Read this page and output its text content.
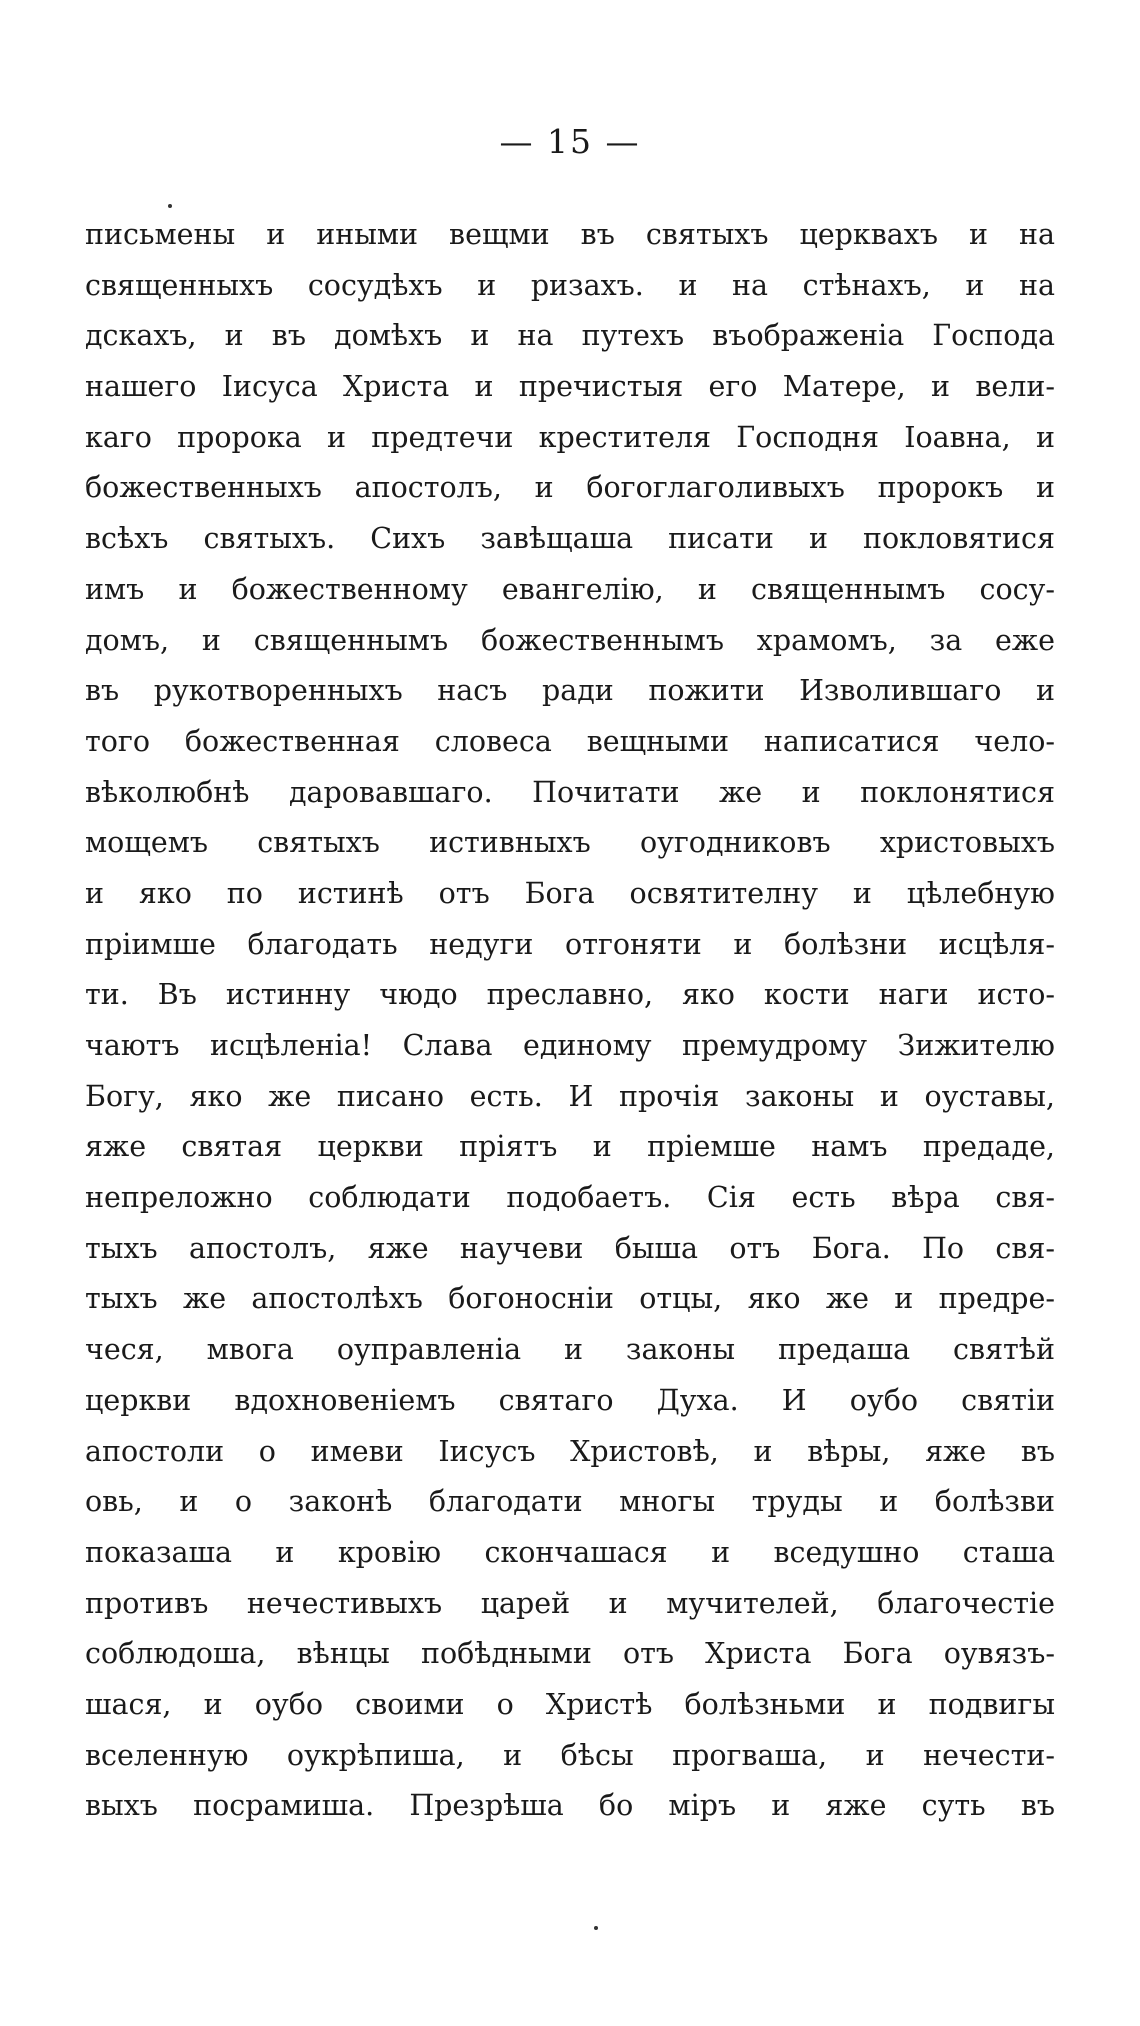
— 15 —
письмены и иными вещми въ святыхъ церквахъ и на
священныхъ сосудѣхъ и ризахъ. и на стѣнахъ, и на
дскахъ, и въ домѣхъ и на путехъ въображеніа Господа
нашего Іисуса Христа и пречистыя его Матере, и вели-
каго пророка и предтечи крестителя Господня Іоавна, и
божественныхъ апостолъ, и богоглаголивыхъ пророкъ и
всѣхъ святыхъ. Сихъ завѣщаша писати и покловятися
имъ и божественному евангелію, и священнымъ сосу-
домъ, и священнымъ божественнымъ храмомъ, за еже
въ рукотворенныхъ насъ ради пожити Изволившаго и
того божественная словеса вещными написатися чело-
вѣколюбнѣ даровавшаго. Почитати же и поклонятися
мощемъ святыхъ истивныхъ оугодниковъ христовыхъ
и яко по истинѣ отъ Бога освятителну и цѣлебную
пріимше благодать недуги отгоняти и болѣзни исцѣля-
ти. Въ истинну чюдо преславно, яко кости наги исто-
чаютъ исцѣленіа! Слава единому премудрому Зижителю
Богу, яко же писано есть. И прочія законы и оуставы,
яже святая церкви пріятъ и пріемше намъ предаде,
непреложно соблюдати подобаетъ. Сія есть вѣра свя-
тыхъ апостолъ, яже научеви быша отъ Бога. По свя-
тыхъ же апостолѣхъ богоносніи отцы, яко же и предре-
чеся, мвога оуправленіа и законы предаша святѣй
церкви вдохновеніемъ святаго Духа. И оубо святіи
апостоли о имеви Іисусъ Христовѣ, и вѣры, яже въ
овь, и о законѣ благодати многы труды и болѣзви
показаша и кровію скончашася и вседушно сташа
противъ нечестивыхъ царей и мучителей, благочестіе
соблюдоша, вѣнцы побѣдными отъ Христа Бога оувязъ-
шася, и оубо своими о Христѣ болѣзньми и подвигы
вселенную оукрѣпиша, и бѣсы прогваша, и нечести-
выхъ посрамиша. Презрѣша бо міръ и яже суть въ
